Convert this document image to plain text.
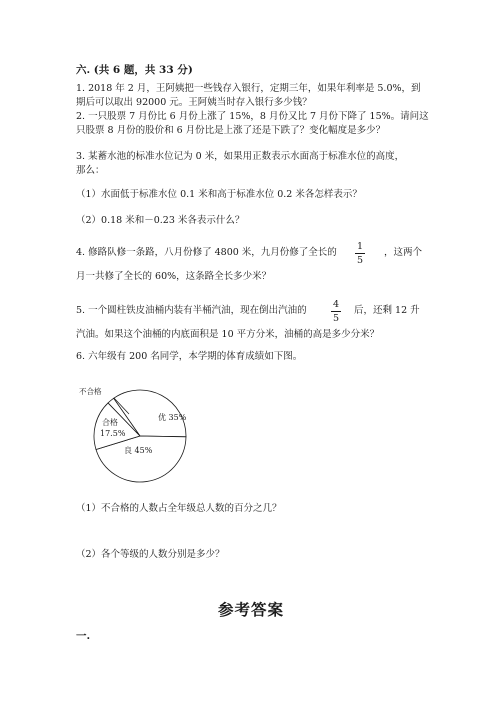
六. (共 6 题，共 33 分)
1. 2018 年 2 月，王阿姨把一些钱存入银行，定期三年，如果年利率是 5.0%，到
期后可以取出 92000 元。王阿姨当时存入银行多少钱？
2. 一只股票 7 月份比 6 月份上涨了 15%，8 月份又比 7 月份下降了 15%。请问这
只股票 8 月份的股价和 6 月份比是上涨了还是下跌了？变化幅度是多少？
3. 某蓄水池的标准水位记为 0 米，如果用正数表示水面高于标准水位的高度，
那么：
（1）水面低于标准水位 0.1 米和高于标准水位 0.2 米各怎样表示？
（2）0.18 米和－0.23 米各表示什么？
4. 修路队修一条路，八月份修了 4800 米，九月份修了全长的
1
5
，这两个
月一共修了全长的 60%，这条路全长多少米？
5. 一个圆柱铁皮油桶内装有半桶汽油，现在倒出汽油的
4
5
后，还剩 12 升
汽油。如果这个油桶的内底面积是 10 平方分米，油桶的高是多少分米？
6. 六年级有 200 名同学，本学期的体育成绩如下图。
不合格
优 35%
良 45%
合格
17.5%
（1）不合格的人数占全年级总人数的百分之几？
（2）各个等级的人数分别是多少？
参考答案
一.
